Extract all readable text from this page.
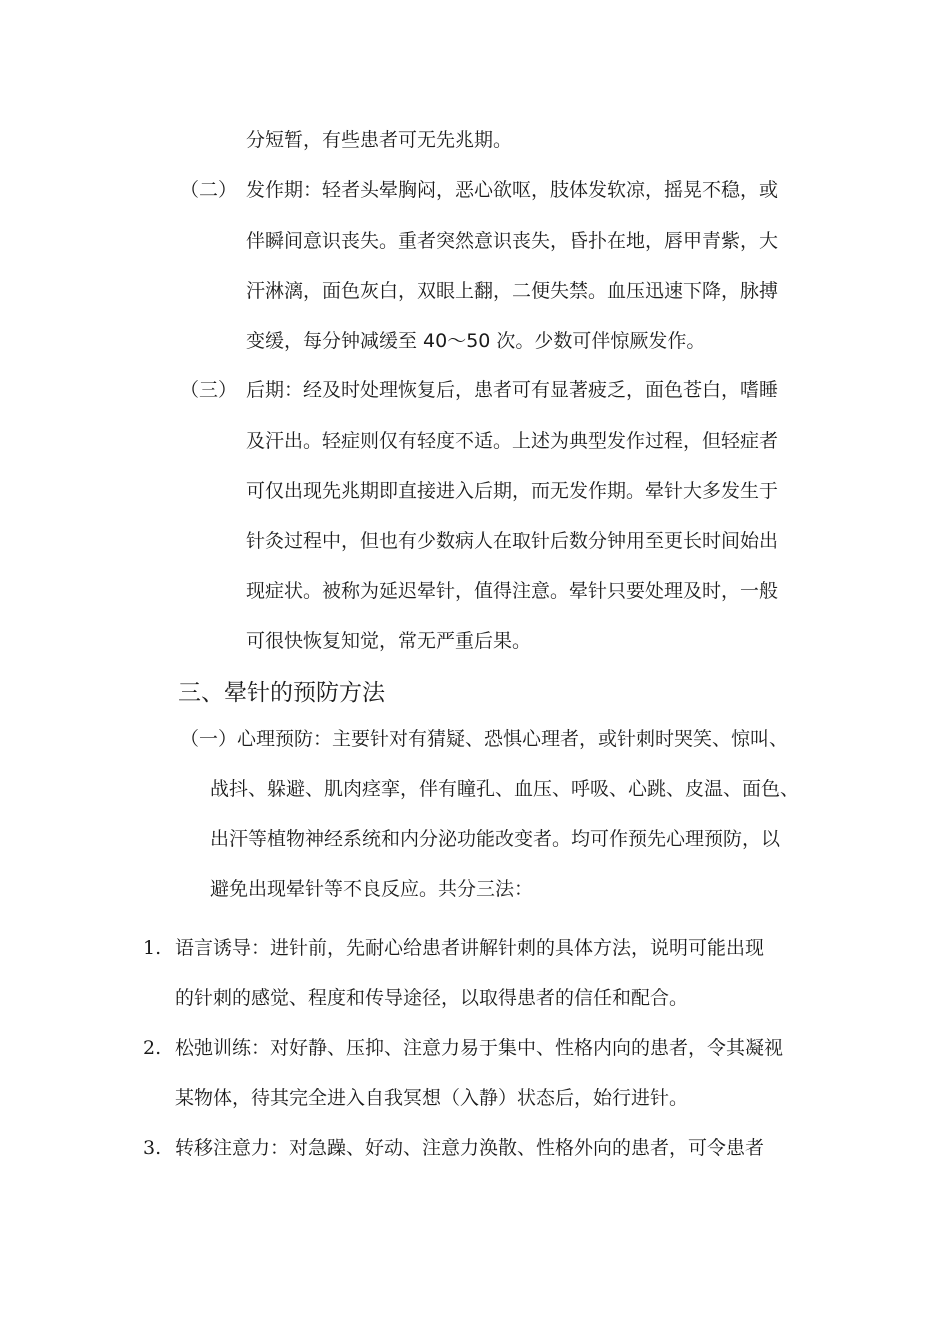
分短暂，有些患者可无先兆期。
（二） 发作期：轻者头晕胸闷，恶心欲呕，肢体发软凉，摇晃不稳，或
伴瞬间意识丧失。重者突然意识丧失，昏扑在地，唇甲青紫，大
汗淋漓，面色灰白，双眼上翻，二便失禁。血压迅速下降，脉搏
变缓，每分钟减缓至 40～50 次。少数可伴惊厥发作。
（三） 后期：经及时处理恢复后，患者可有显著疲乏，面色苍白，嗜睡
及汗出。轻症则仅有轻度不适。上述为典型发作过程，但轻症者
可仅出现先兆期即直接进入后期，而无发作期。晕针大多发生于
针灸过程中，但也有少数病人在取针后数分钟用至更长时间始出
现症状。被称为延迟晕针，值得注意。晕针只要处理及时，一般
可很快恢复知觉，常无严重后果。
三、晕针的预防方法
（一）心理预防：主要针对有猜疑、恐惧心理者，或针刺时哭笑、惊叫、
战抖、躲避、肌肉痉挛，伴有瞳孔、血压、呼吸、心跳、皮温、面色、
出汗等植物神经系统和内分泌功能改变者。均可作预先心理预防，以
避免出现晕针等不良反应。共分三法：
1. 语言诱导：进针前，先耐心给患者讲解针刺的具体方法，说明可能出现
的针刺的感觉、程度和传导途径，以取得患者的信任和配合。
2. 松弛训练：对好静、压抑、注意力易于集中、性格内向的患者，令其凝视
某物体，待其完全进入自我冥想（入静）状态后，始行进针。
3. 转移注意力：对急躁、好动、注意力涣散、性格外向的患者，可令患者
